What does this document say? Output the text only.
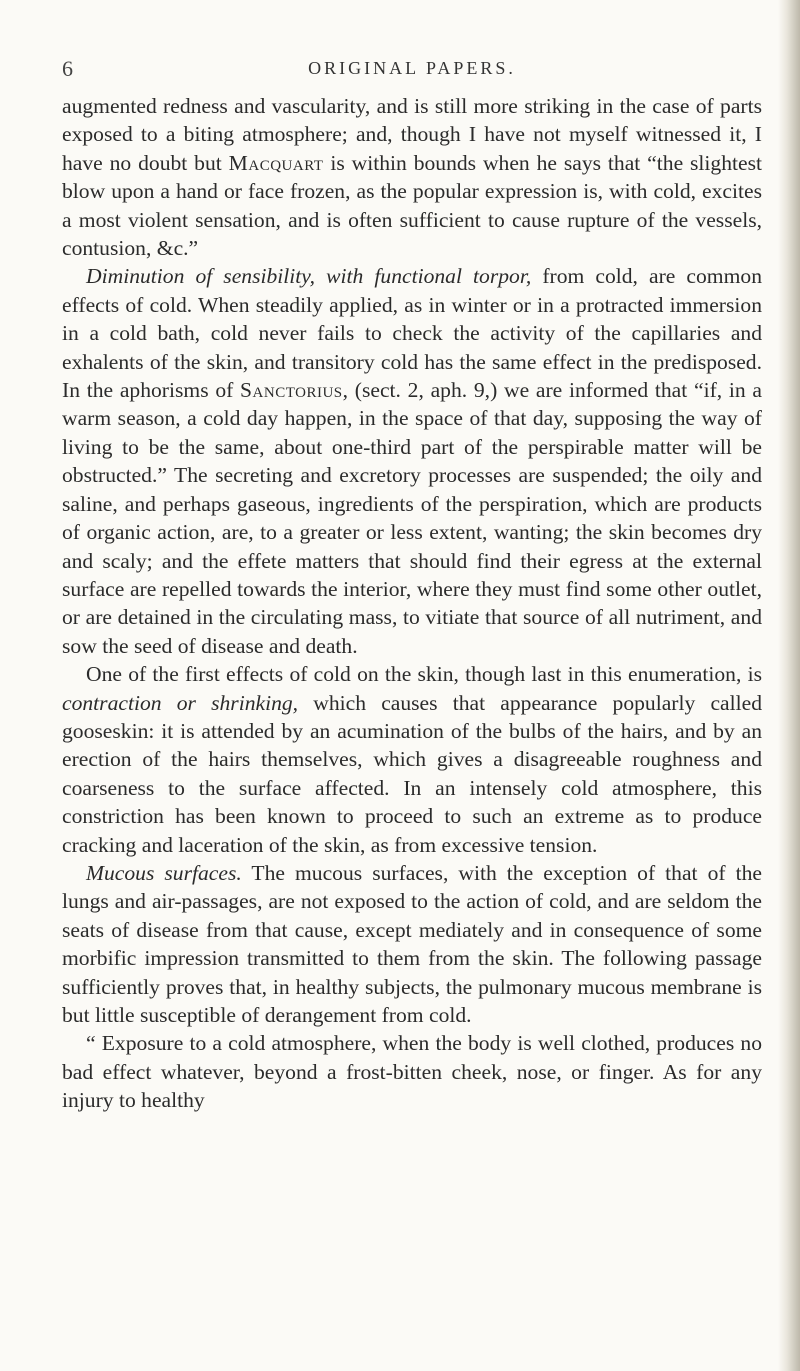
6	ORIGINAL PAPERS.

augmented redness and vascularity, and is still more striking in the case of parts exposed to a biting atmosphere; and, though I have not myself witnessed it, I have no doubt but Macquart is within bounds when he says that “the slightest blow upon a hand or face frozen, as the popular expression is, with cold, excites a most violent sensation, and is often sufficient to cause rupture of the vessels, contusion, &c.”

Diminution of sensibility, with functional torpor, from cold, are common effects of cold. When steadily applied, as in winter or in a protracted immersion in a cold bath, cold never fails to check the activity of the capillaries and exhalents of the skin, and transitory cold has the same effect in the predisposed. In the aphorisms of Sanctorius, (sect. 2, aph. 9,) we are informed that “if, in a warm season, a cold day happen, in the space of that day, supposing the way of living to be the same, about one-third part of the perspirable matter will be obstructed.” The secreting and excretory processes are suspended; the oily and saline, and perhaps gaseous, ingredients of the perspiration, which are products of organic action, are, to a greater or less extent, wanting; the skin becomes dry and scaly; and the effete matters that should find their egress at the external surface are repelled towards the interior, where they must find some other outlet, or are detained in the circulating mass, to vitiate that source of all nutriment, and sow the seed of disease and death.

One of the first effects of cold on the skin, though last in this enumeration, is contraction or shrinking, which causes that appearance popularly called gooseskin: it is attended by an acumination of the bulbs of the hairs, and by an erection of the hairs themselves, which gives a disagreeable roughness and coarseness to the surface affected. In an intensely cold atmosphere, this constriction has been known to proceed to such an extreme as to produce cracking and laceration of the skin, as from excessive tension.

Mucous surfaces. The mucous surfaces, with the exception of that of the lungs and air-passages, are not exposed to the action of cold, and are seldom the seats of disease from that cause, except mediately and in consequence of some morbific impression transmitted to them from the skin. The following passage sufficiently proves that, in healthy subjects, the pulmonary mucous membrane is but little susceptible of derangement from cold.

“ Exposure to a cold atmosphere, when the body is well clothed, produces no bad effect whatever, beyond a frost-bitten cheek, nose, or finger. As for any injury to healthy
